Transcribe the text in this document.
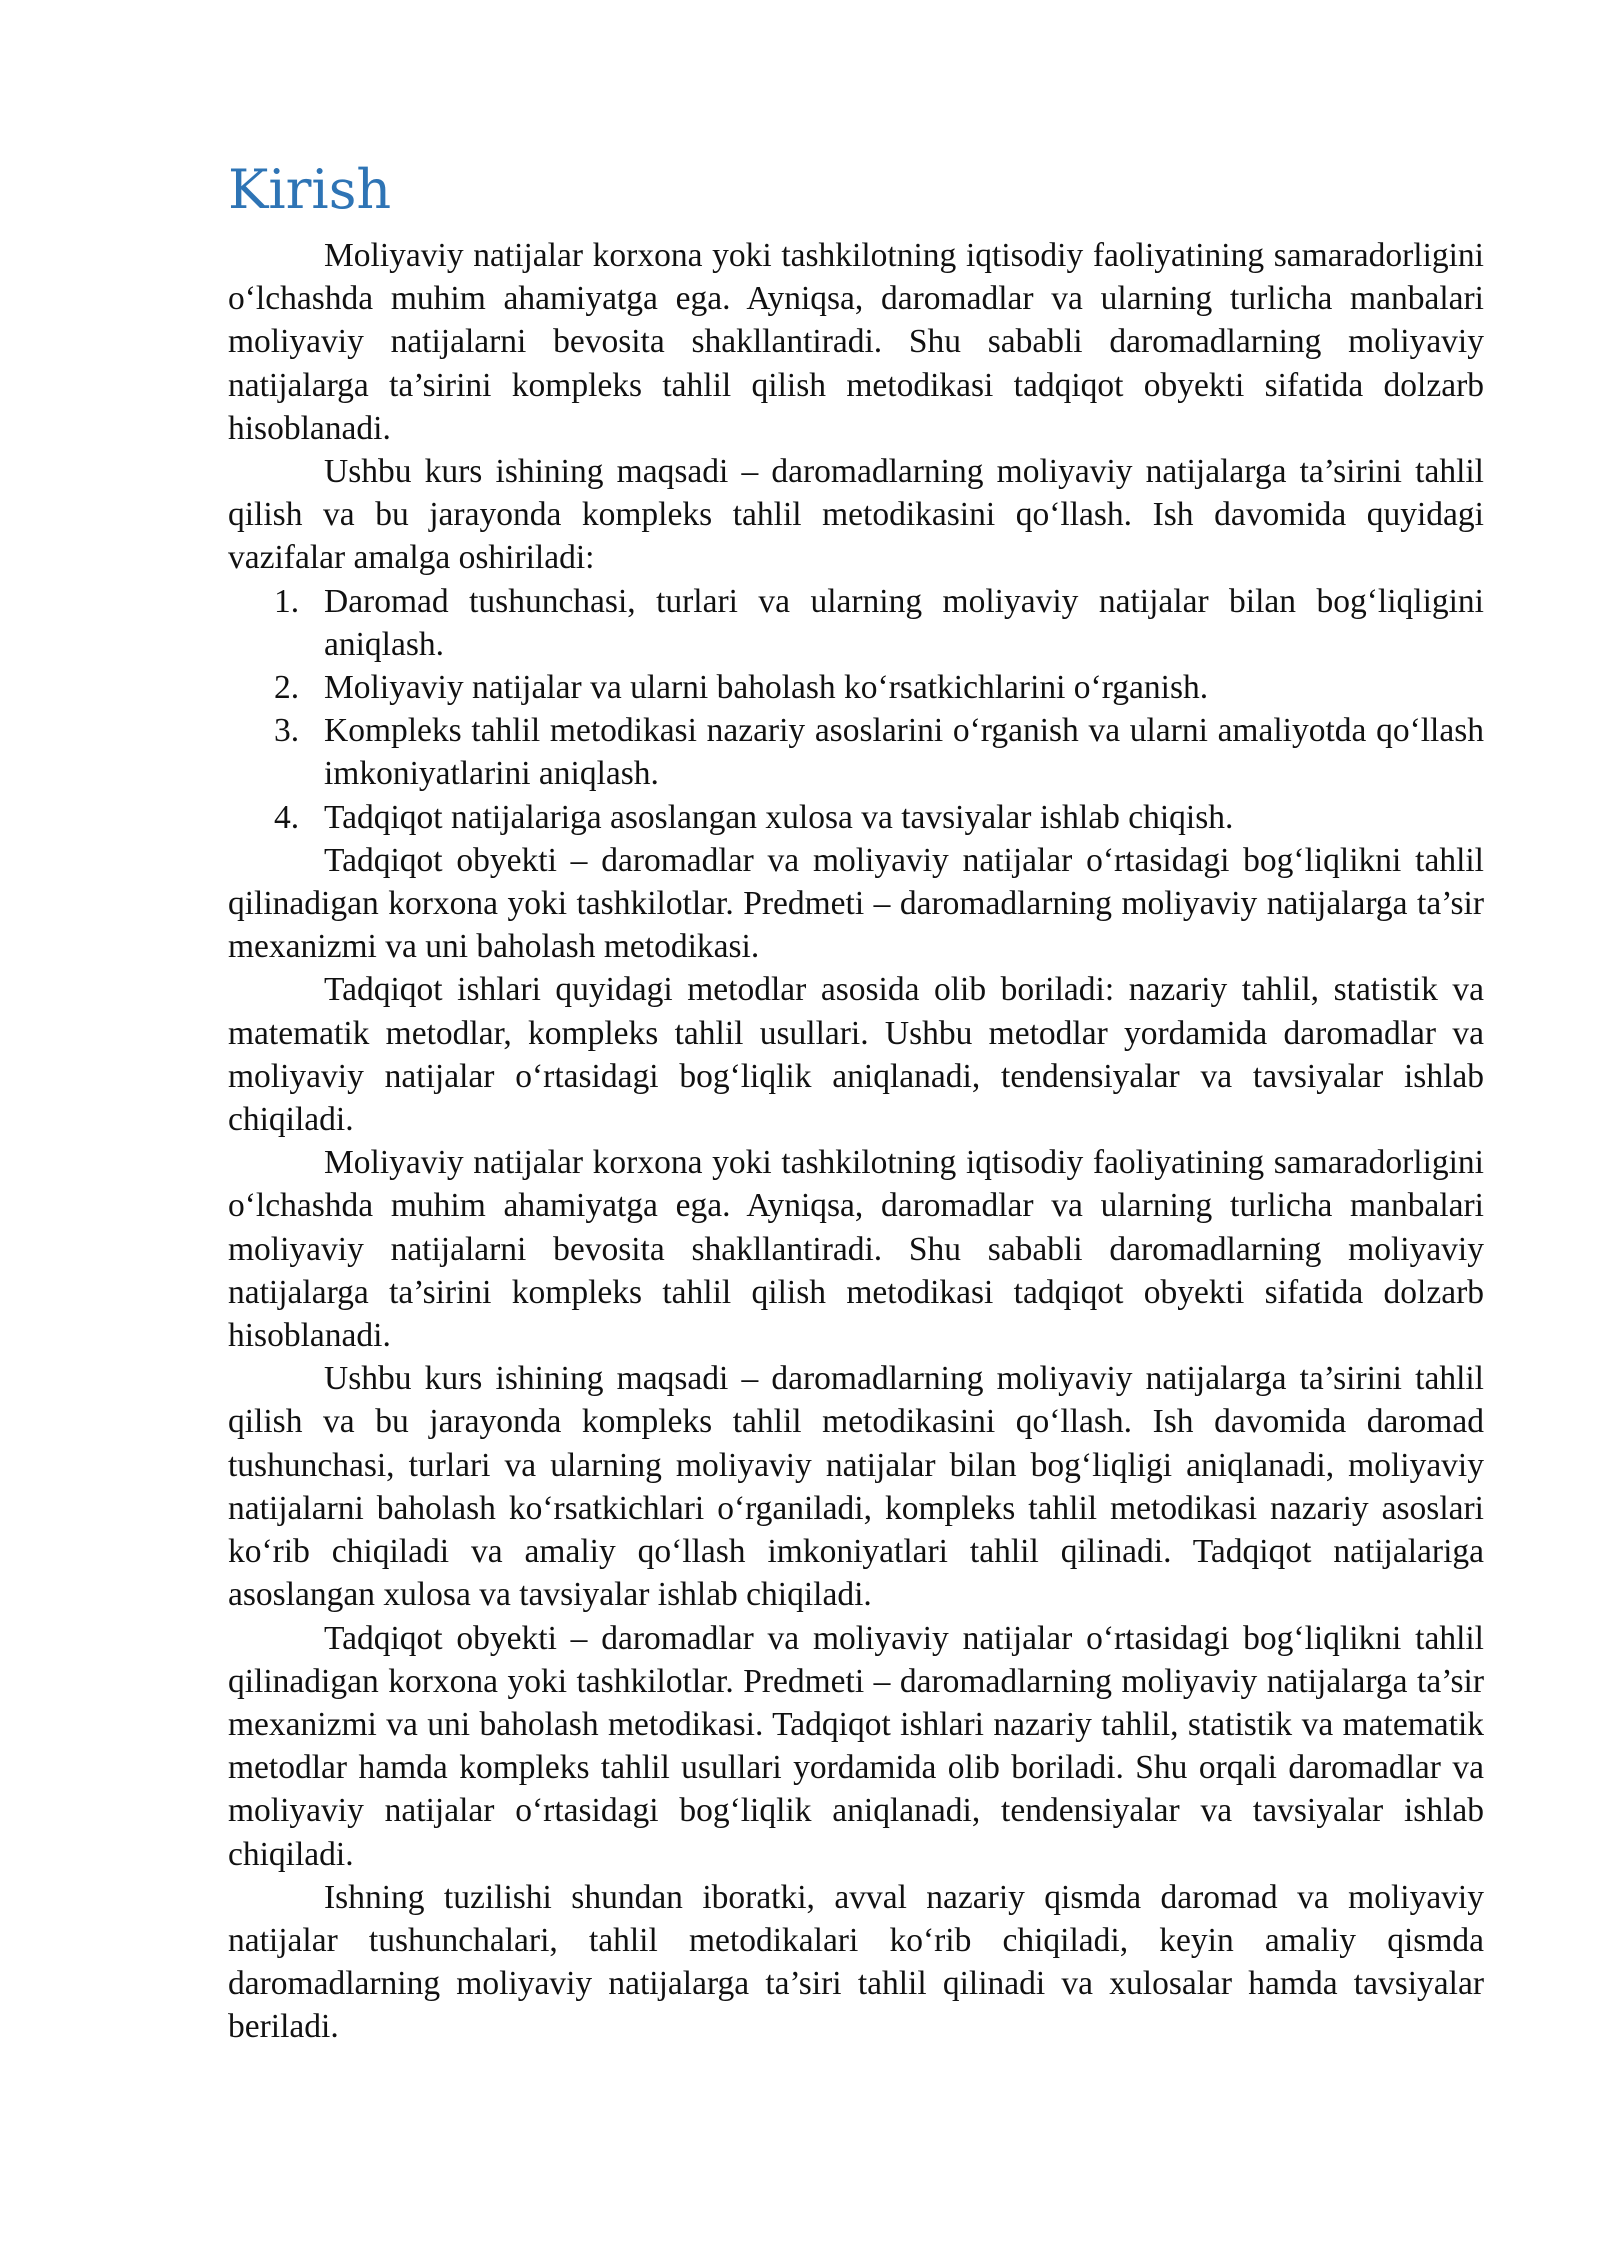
Kirish

Moliyaviy natijalar korxona yoki tashkilotning iqtisodiy faoliyatining samaradorligini o‘lchashda muhim ahamiyatga ega. Ayniqsa, daromadlar va ularning turlicha manbalari moliyaviy natijalarni bevosita shakllantiradi. Shu sababli daromadlarning moliyaviy natijalarga ta’sirini kompleks tahlil qilish metodikasi tadqiqot obyekti sifatida dolzarb hisoblanadi.

Ushbu kurs ishining maqsadi – daromadlarning moliyaviy natijalarga ta’sirini tahlil qilish va bu jarayonda kompleks tahlil metodikasini qo‘llash. Ish davomida quyidagi vazifalar amalga oshiriladi:

1. Daromad tushunchasi, turlari va ularning moliyaviy natijalar bilan bog‘liqligini aniqlash.
2. Moliyaviy natijalar va ularni baholash ko‘rsatkichlarini o‘rganish.
3. Kompleks tahlil metodikasi nazariy asoslarini o‘rganish va ularni amaliyotda qo‘llash imkoniyatlarini aniqlash.
4. Tadqiqot natijalariga asoslangan xulosa va tavsiyalar ishlab chiqish.

Tadqiqot obyekti – daromadlar va moliyaviy natijalar o‘rtasidagi bog‘liqlikni tahlil qilinadigan korxona yoki tashkilotlar. Predmeti – daromadlarning moliyaviy natijalarga ta’sir mexanizmi va uni baholash metodikasi.

Tadqiqot ishlari quyidagi metodlar asosida olib boriladi: nazariy tahlil, statistik va matematik metodlar, kompleks tahlil usullari. Ushbu metodlar yordamida daromadlar va moliyaviy natijalar o‘rtasidagi bog‘liqlik aniqlanadi, tendensiyalar va tavsiyalar ishlab chiqiladi.

Moliyaviy natijalar korxona yoki tashkilotning iqtisodiy faoliyatining samaradorligini o‘lchashda muhim ahamiyatga ega. Ayniqsa, daromadlar va ularning turlicha manbalari moliyaviy natijalarni bevosita shakllantiradi. Shu sababli daromadlarning moliyaviy natijalarga ta’sirini kompleks tahlil qilish metodikasi tadqiqot obyekti sifatida dolzarb hisoblanadi.

Ushbu kurs ishining maqsadi – daromadlarning moliyaviy natijalarga ta’sirini tahlil qilish va bu jarayonda kompleks tahlil metodikasini qo‘llash. Ish davomida daromad tushunchasi, turlari va ularning moliyaviy natijalar bilan bog‘liqligi aniqlanadi, moliyaviy natijalarni baholash ko‘rsatkichlari o‘rganiladi, kompleks tahlil metodikasi nazariy asoslari ko‘rib chiqiladi va amaliy qo‘llash imkoniyatlari tahlil qilinadi. Tadqiqot natijalariga asoslangan xulosa va tavsiyalar ishlab chiqiladi.

Tadqiqot obyekti – daromadlar va moliyaviy natijalar o‘rtasidagi bog‘liqlikni tahlil qilinadigan korxona yoki tashkilotlar. Predmeti – daromadlarning moliyaviy natijalarga ta’sir mexanizmi va uni baholash metodikasi. Tadqiqot ishlari nazariy tahlil, statistik va matematik metodlar hamda kompleks tahlil usullari yordamida olib boriladi. Shu orqali daromadlar va moliyaviy natijalar o‘rtasidagi bog‘liqlik aniqlanadi, tendensiyalar va tavsiyalar ishlab chiqiladi.

Ishning tuzilishi shundan iboratki, avval nazariy qismda daromad va moliyaviy natijalar tushunchalari, tahlil metodikalari ko‘rib chiqiladi, keyin amaliy qismda daromadlarning moliyaviy natijalarga ta’siri tahlil qilinadi va xulosalar hamda tavsiyalar beriladi.
